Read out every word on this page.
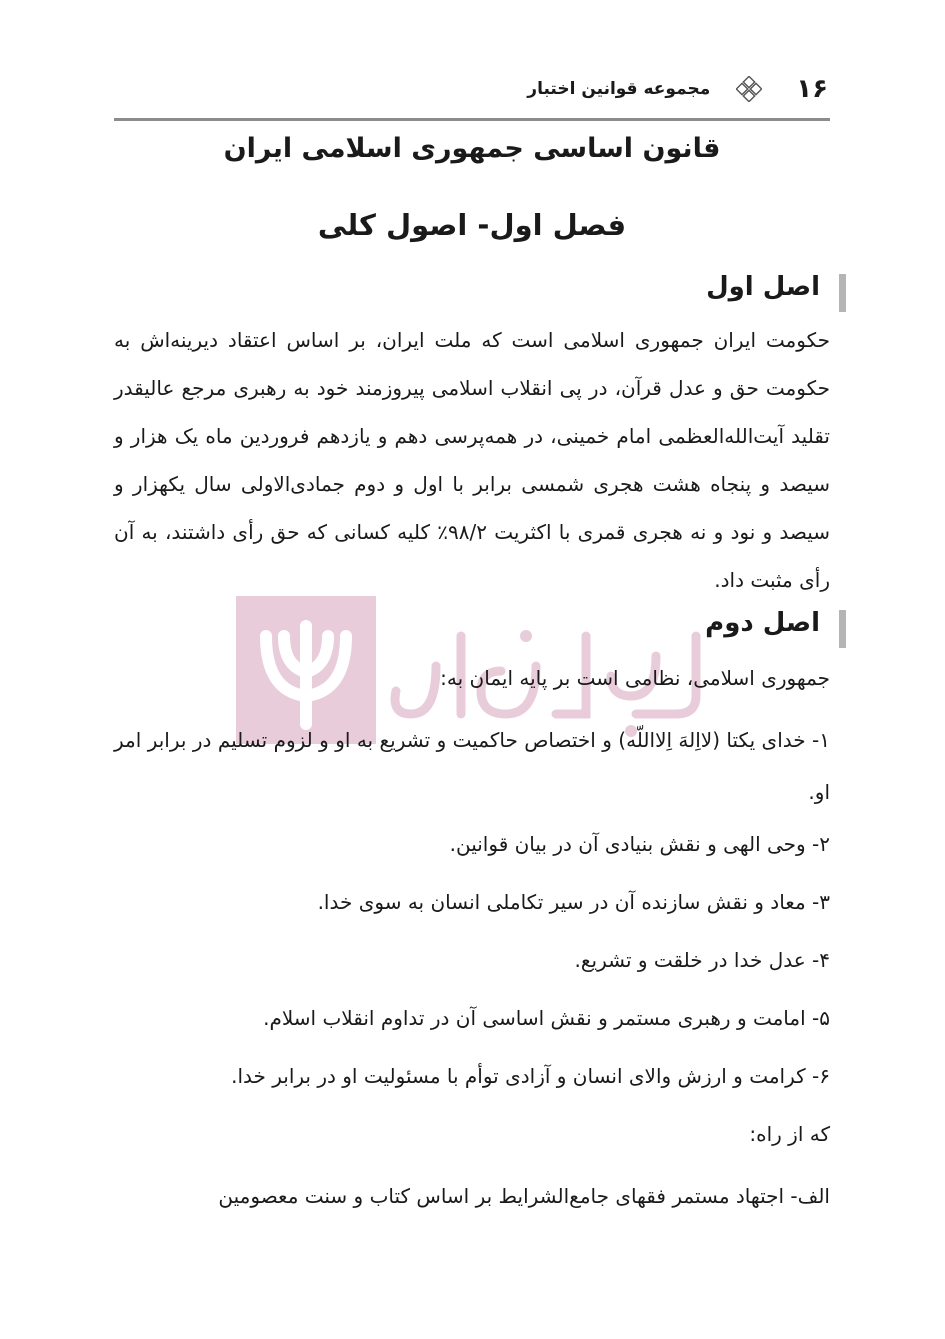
۱۶
مجموعه قوانین اختبار
قانون اساسی جمهوری اسلامی ایران
فصل اول- اصول کلی
اصل اول
حکومت ایران جمهوری اسلامی است که ملت ایران، بر اساس اعتقاد دیرینه‌اش به حکومت حق و عدل قرآن، در پی انقلاب اسلامی پیروزمند خود به رهبری مرجع عالیقدر تقلید آیت‌الله‌العظمی امام خمینی، در همه‌پرسی دهم و یازدهم فروردین ماه یک هزار و سیصد و پنجاه هشت هجری شمسی برابر با اول و دوم جمادی‌الاولی سال یکهزار و سیصد و نود و نه هجری قمری با اکثریت ۹۸/۲٪ کلیه کسانی که حق رأی داشتند، به آن رأی مثبت داد.
اصل دوم
جمهوری اسلامی، نظامی است بر پایه ایمان به:
۱- خدای یکتا (لااِلهَ اِلااللّه) و اختصاص حاکمیت و تشریع به او و لزوم تسلیم در برابر امر او.
۲- وحی الهی و نقش بنیادی آن در بیان قوانین.
۳- معاد و نقش سازنده آن در سیر تکاملی انسان به سوی خدا.
۴- عدل خدا در خلقت و تشریع.
۵- امامت و رهبری مستمر و نقش اساسی آن در تداوم انقلاب اسلام.
۶- کرامت و ارزش والای انسان و آزادی توأم با مسئولیت او در برابر خدا.
که از راه:
الف- اجتهاد مستمر فقهای جامع‌الشرایط بر اساس کتاب و سنت معصومین
